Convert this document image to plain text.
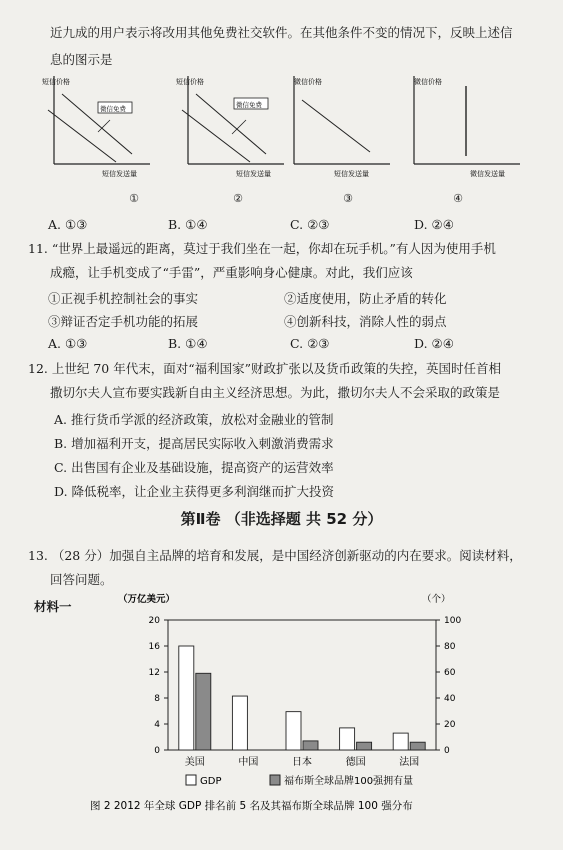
近九成的用户表示将改用其他免费社交软件。在其他条件不变的情况下，反映上述信
息的图示是
短信价格
短信发送量
微信免费
短信价格
短信发送量
微信免费
微信价格
短信发送量
微信价格
微信发送量
①	②	③	④
A. ①③	B. ①④	C. ②③	D. ②④
11. “世界上最遥远的距离，莫过于我们坐在一起，你却在玩手机。”有人因为使用手机
成瘾，让手机变成了“手雷”，严重影响身心健康。对此，我们应该
①正视手机控制社会的事实	②适度使用，防止矛盾的转化
③辩证否定手机功能的拓展	④创新科技，消除人性的弱点
A. ①③	B. ①④	C. ②③	D. ②④
12. 上世纪 70 年代末，面对“福利国家”财政扩张以及货币政策的失控，英国时任首相
撒切尔夫人宣布要实践新自由主义经济思想。为此，撒切尔夫人不会采取的政策是
A. 推行货币学派的经济政策，放松对金融业的管制
B. 增加福利开支，提高居民实际收入刺激消费需求
C. 出售国有企业及基础设施，提高资产的运营效率
D. 降低税率，让企业主获得更多利润继而扩大投资
第Ⅱ卷 （非选择题 共 52 分）
13. （28 分）加强自主品牌的培育和发展，是中国经济创新驱动的内在要求。阅读材料，
回答问题。
材料一
0
4
8
12
16
20
0
20
40
60
80
100
（万亿美元）	（个）
美国	中国	日本	德国	法国
GDP	福布斯全球品牌100强拥有量
图 2 2012 年全球 GDP 排名前 5 名及其福布斯全球品牌 100 强分布
